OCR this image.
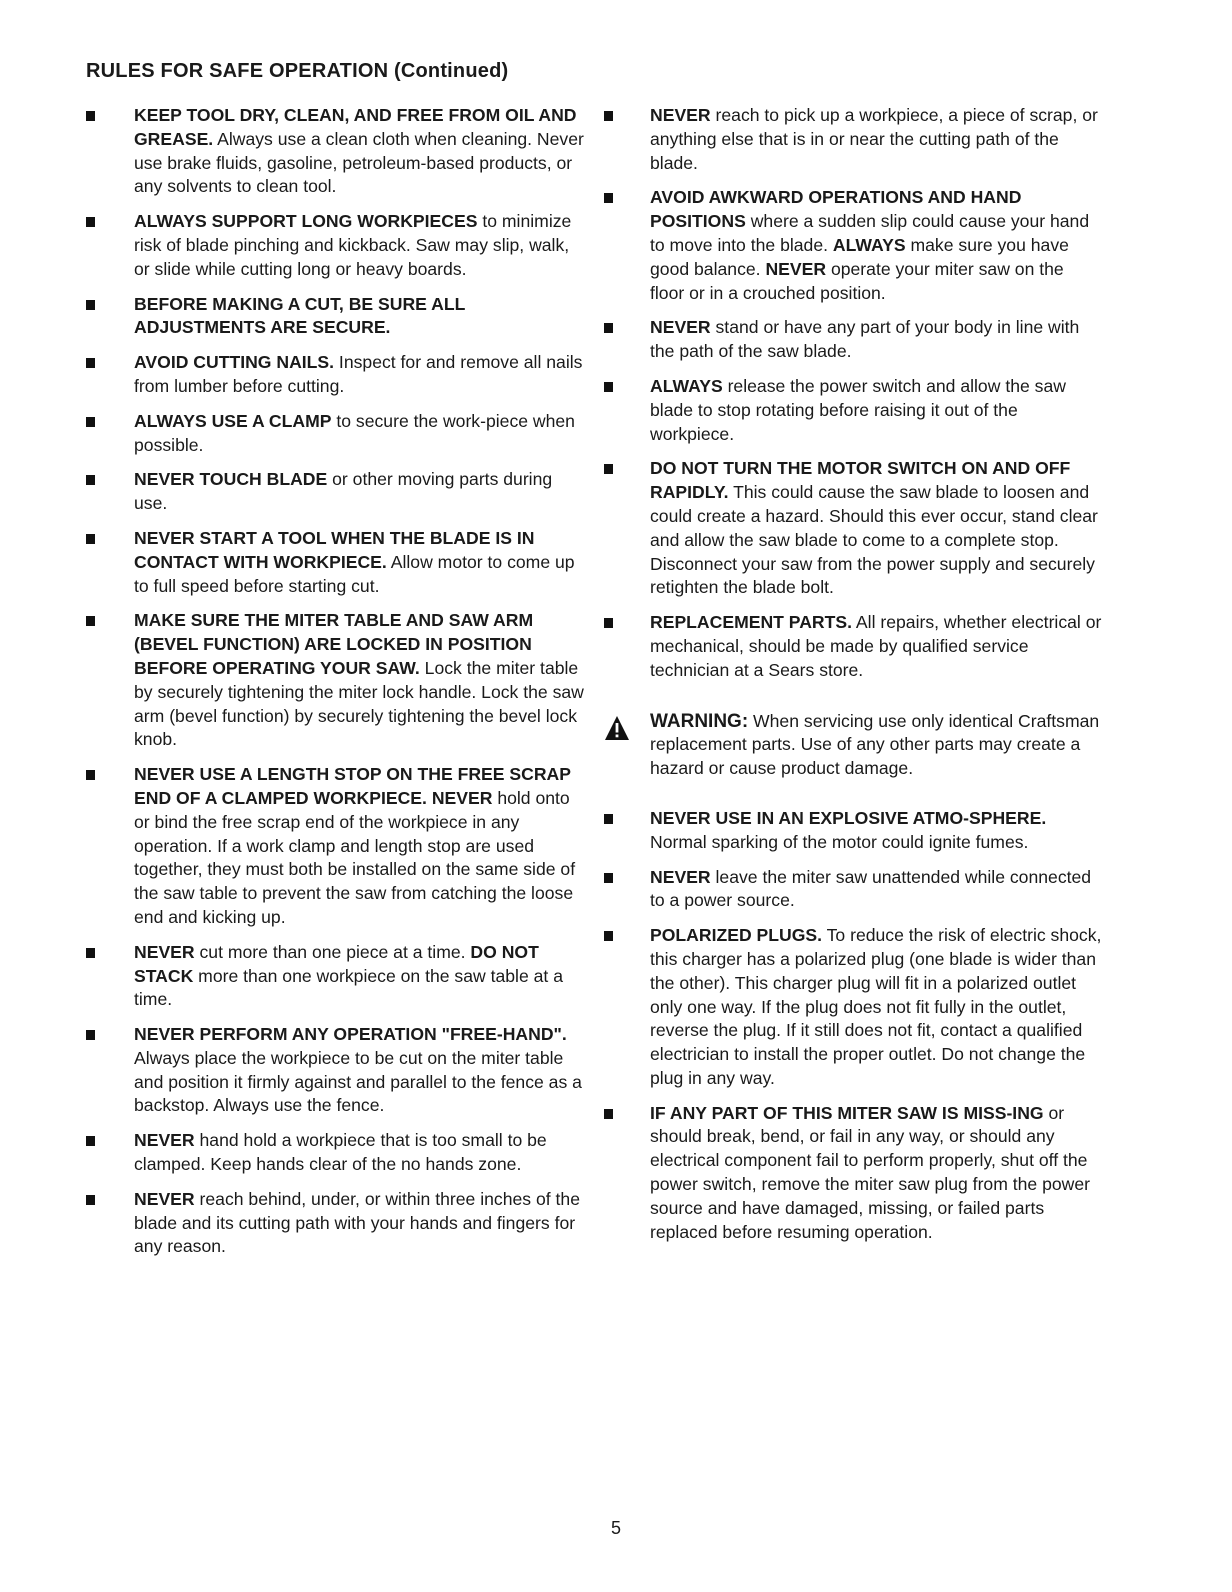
RULES FOR SAFE OPERATION (Continued)
KEEP TOOL DRY, CLEAN, AND FREE FROM OIL AND GREASE. Always use a clean cloth when cleaning. Never use brake fluids, gasoline, petroleum-based products, or any solvents to clean tool.
ALWAYS SUPPORT LONG WORKPIECES to minimize risk of blade pinching and kickback. Saw may slip, walk, or slide while cutting long or heavy boards.
BEFORE MAKING A CUT, BE SURE ALL ADJUSTMENTS ARE SECURE.
AVOID CUTTING NAILS. Inspect for and remove all nails from lumber before cutting.
ALWAYS USE A CLAMP to secure the work-piece when possible.
NEVER TOUCH BLADE or other moving parts during use.
NEVER START A TOOL WHEN THE BLADE IS IN CONTACT WITH WORKPIECE. Allow motor to come up to full speed before starting cut.
MAKE SURE THE MITER TABLE AND SAW ARM (BEVEL FUNCTION) ARE LOCKED IN POSITION BEFORE OPERATING YOUR SAW. Lock the miter table by securely tightening the miter lock handle. Lock the saw arm (bevel function) by securely tightening the bevel lock knob.
NEVER USE A LENGTH STOP ON THE FREE SCRAP END OF A CLAMPED WORKPIECE. NEVER hold onto or bind the free scrap end of the workpiece in any operation. If a work clamp and length stop are used together, they must both be installed on the same side of the saw table to prevent the saw from catching the loose end and kicking up.
NEVER cut more than one piece at a time. DO NOT STACK more than one workpiece on the saw table at a time.
NEVER PERFORM ANY OPERATION "FREE-HAND". Always place the workpiece to be cut on the miter table and position it firmly against and parallel to the fence as a backstop. Always use the fence.
NEVER hand hold a workpiece that is too small to be clamped. Keep hands clear of the no hands zone.
NEVER reach behind, under, or within three inches of the blade and its cutting path with your hands and fingers for any reason.
NEVER reach to pick up a workpiece, a piece of scrap, or anything else that is in or near the cutting path of the blade.
AVOID AWKWARD OPERATIONS AND HAND POSITIONS where a sudden slip could cause your hand to move into the blade. ALWAYS make sure you have good balance. NEVER operate your miter saw on the floor or in a crouched position.
NEVER stand or have any part of your body in line with the path of the saw blade.
ALWAYS release the power switch and allow the saw blade to stop rotating before raising it out of the workpiece.
DO NOT TURN THE MOTOR SWITCH ON AND OFF RAPIDLY. This could cause the saw blade to loosen and could create a hazard. Should this ever occur, stand clear and allow the saw blade to come to a complete stop. Disconnect your saw from the power supply and securely retighten the blade bolt.
REPLACEMENT PARTS. All repairs, whether electrical or mechanical, should be made by qualified service technician at a Sears store.
WARNING: When servicing use only identical Craftsman replacement parts. Use of any other parts may create a hazard or cause product damage.
NEVER USE IN AN EXPLOSIVE ATMO-SPHERE. Normal sparking of the motor could ignite fumes.
NEVER leave the miter saw unattended while connected to a power source.
POLARIZED PLUGS. To reduce the risk of electric shock, this charger has a polarized plug (one blade is wider than the other). This charger plug will fit in a polarized outlet only one way. If the plug does not fit fully in the outlet, reverse the plug. If it still does not fit, contact a qualified electrician to install the proper outlet. Do not change the plug in any way.
IF ANY PART OF THIS MITER SAW IS MISS-ING or should break, bend, or fail in any way, or should any electrical component fail to perform properly, shut off the power switch, remove the miter saw plug from the power source and have damaged, missing, or failed parts replaced before resuming operation.
5
